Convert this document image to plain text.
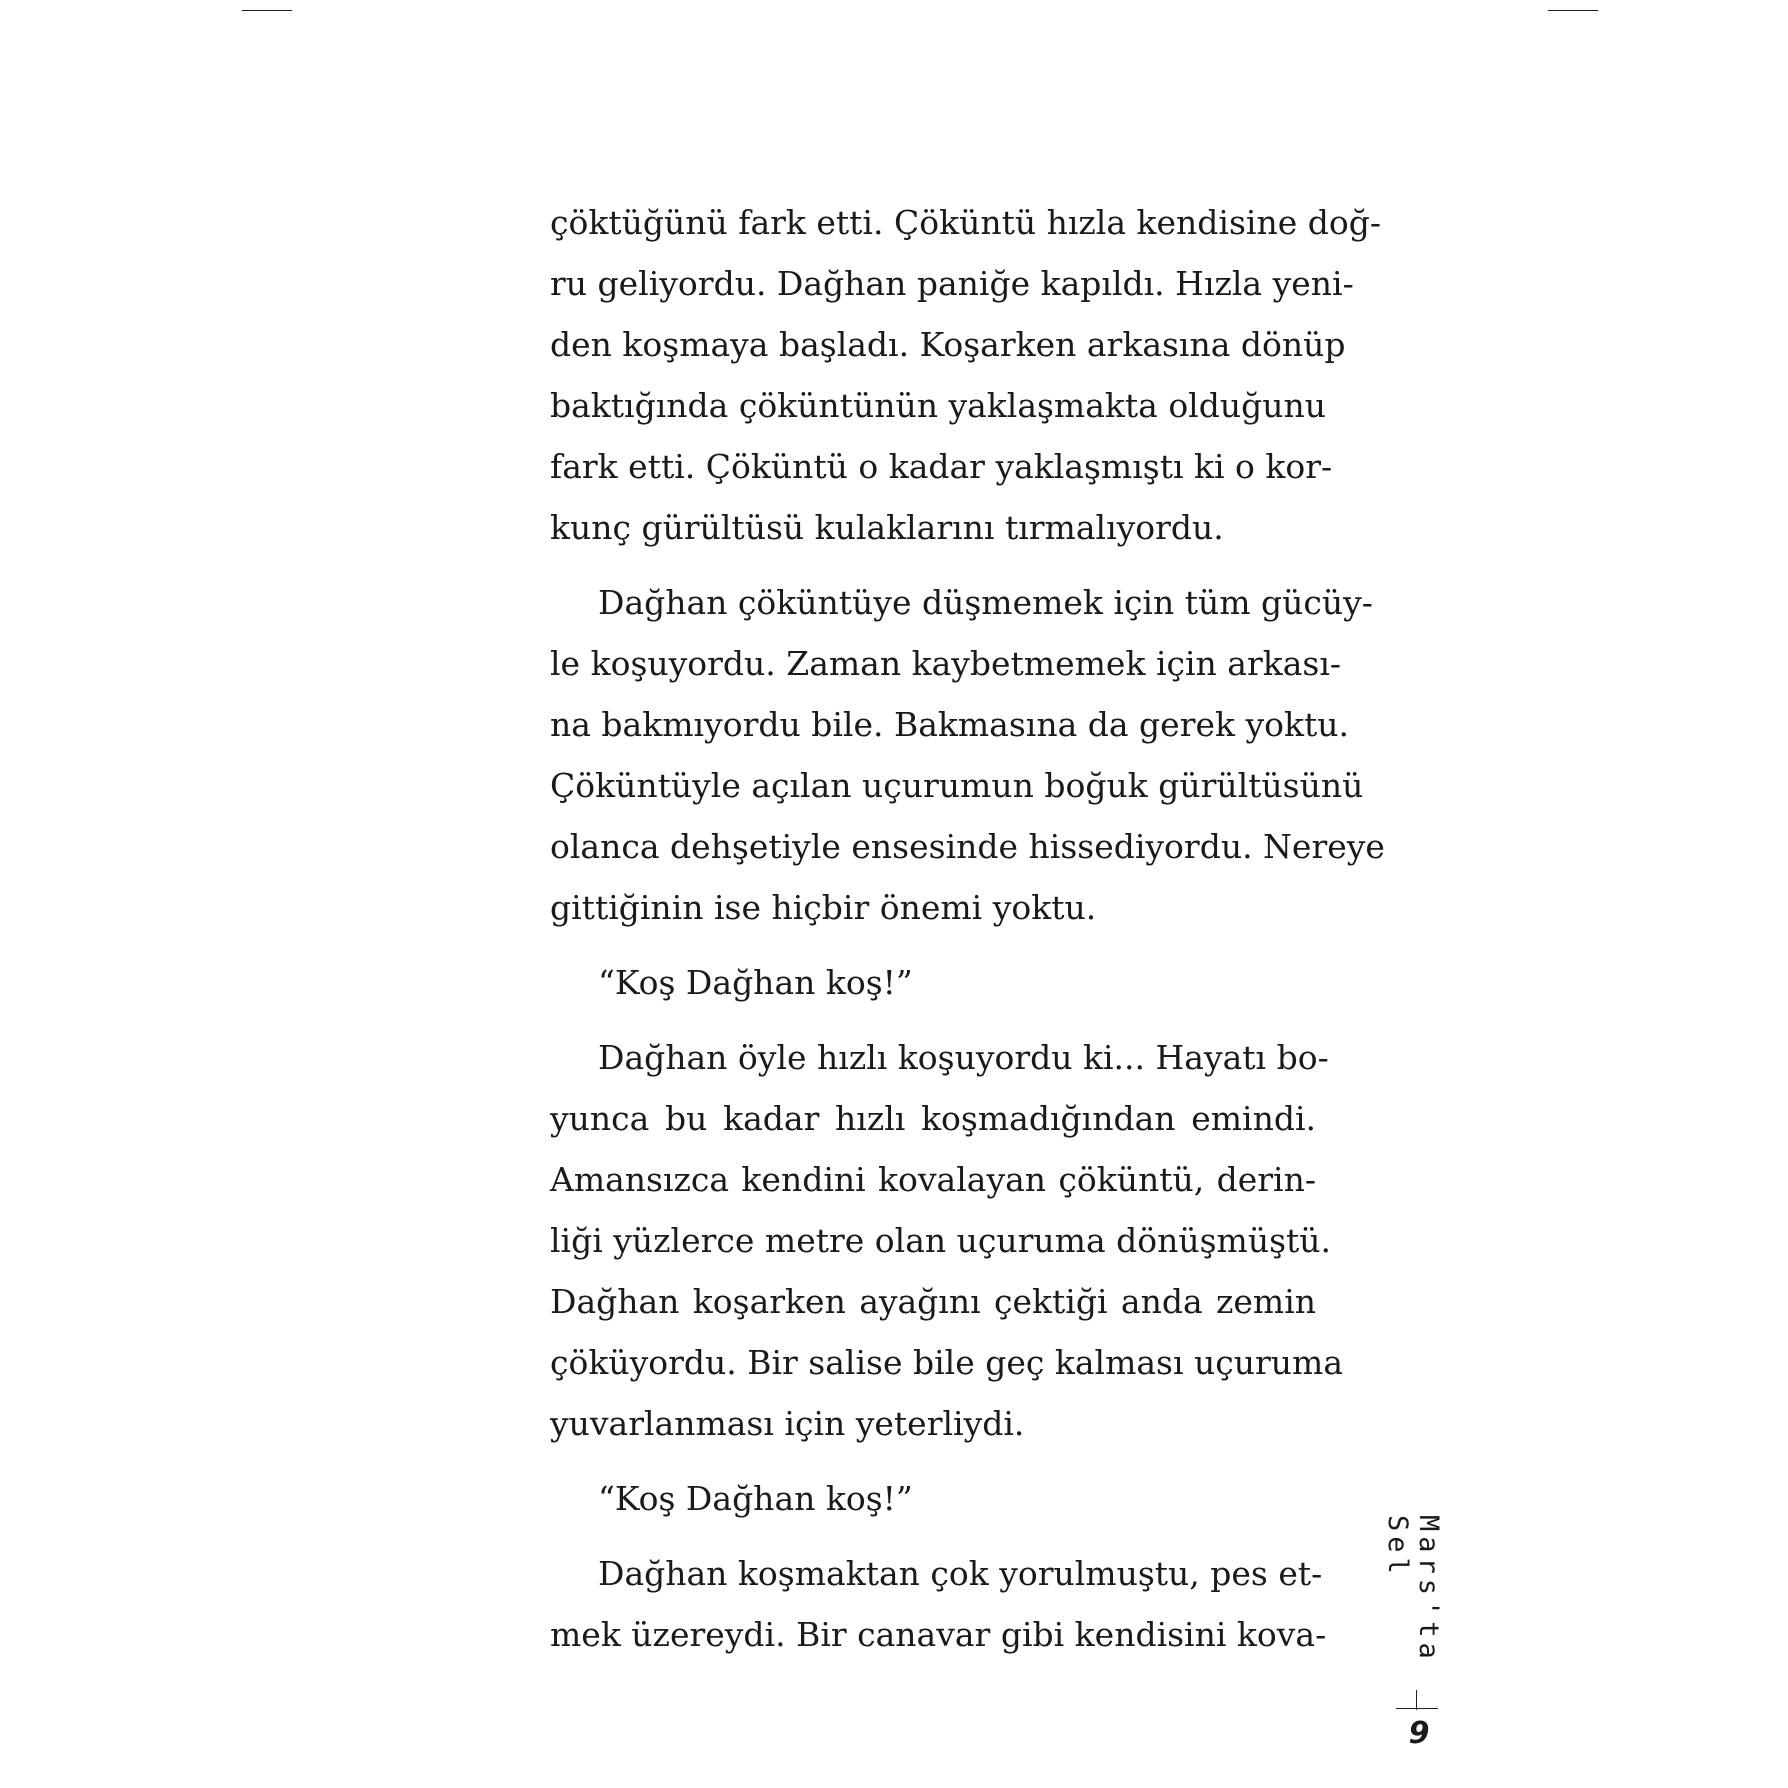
çöktüğünü fark etti. Çöküntü hızla kendisine doğ-
ru geliyordu. Dağhan paniğe kapıldı. Hızla yeni-
den koşmaya başladı. Koşarken arkasına dönüp
baktığında çöküntünün yaklaşmakta olduğunu
fark etti. Çöküntü o kadar yaklaşmıştı ki o kor-
kunç gürültüsü kulaklarını tırmalıyordu.
Dağhan çöküntüye düşmemek için tüm gücüy-
le koşuyordu. Zaman kaybetmemek için arkası-
na bakmıyordu bile. Bakmasına da gerek yoktu.
Çöküntüyle açılan uçurumun boğuk gürültüsünü
olanca dehşetiyle ensesinde hissediyordu. Nereye
gittiğinin ise hiçbir önemi yoktu.
“Koş Dağhan koş!”
Dağhan öyle hızlı koşuyordu ki... Hayatı bo-
yunca bu kadar hızlı koşmadığından emindi.
Amansızca kendini kovalayan çöküntü, derin-
liği yüzlerce metre olan uçuruma dönüşmüştü.
Dağhan koşarken ayağını çektiği anda zemin
çöküyordu. Bir salise bile geç kalması uçuruma
yuvarlanması için yeterliydi.
“Koş Dağhan koş!”
Dağhan koşmaktan çok yorulmuştu, pes et-
mek üzereydi. Bir canavar gibi kendisini kova-	Mars'ta Sel
9
